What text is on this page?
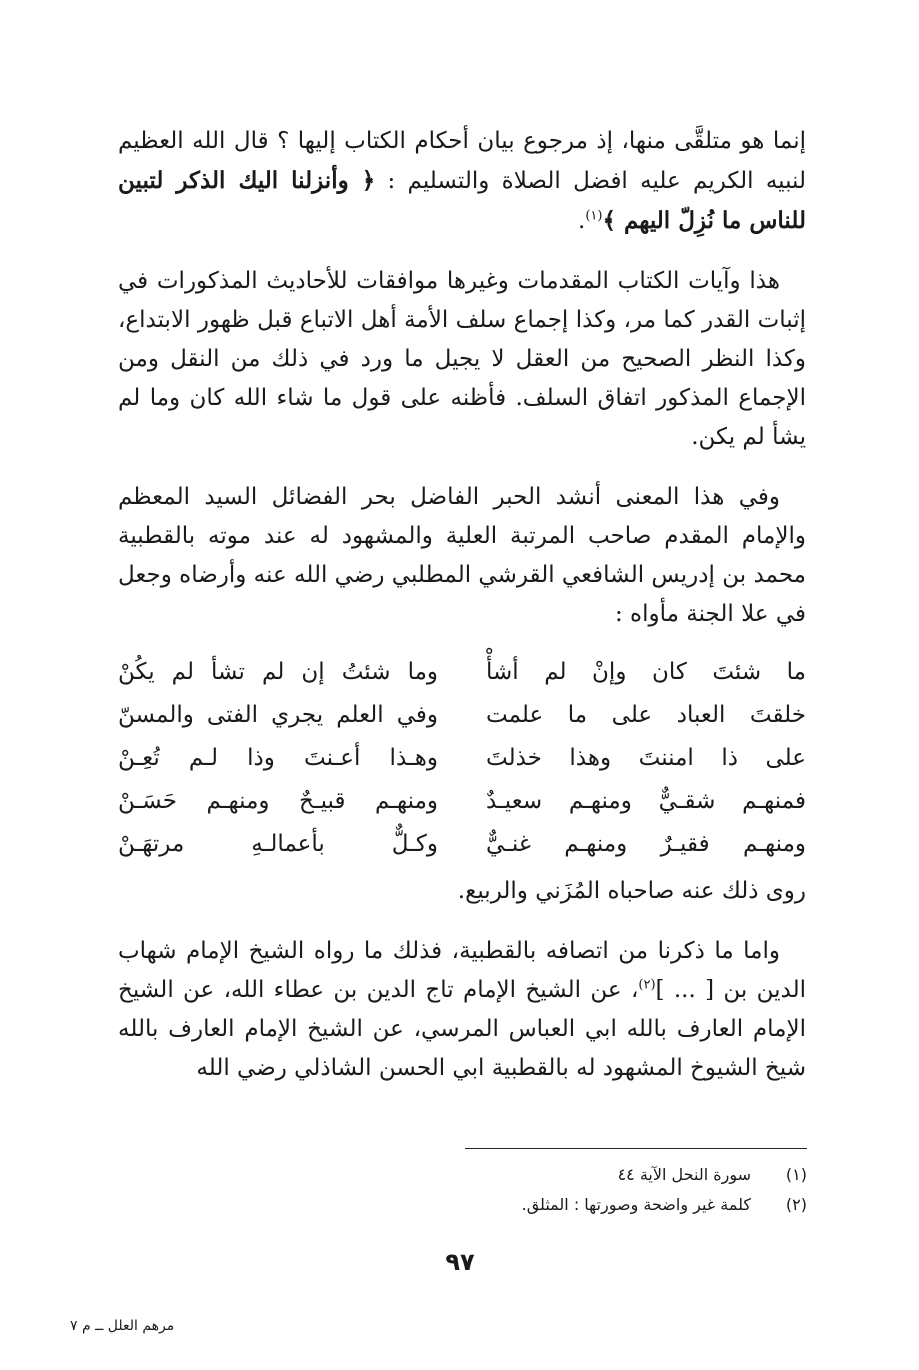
إنما هو متلقَّى منها، إذ مرجوع بيان أحكام الكتاب إليها ؟ قال الله العظيم لنبيه الكريم عليه افضل الصلاة والتسليم : ﴿ وأنزلنا اليك الذكر لتبين للناس ما نُزِلّ اليهم ﴾$^{(١)}$.

هذا وآيات الكتاب المقدمات وغيرها موافقات للأحاديث المذكورات في إثبات القدر كما مر، وكذا إجماع سلف الأمة أهل الاتباع قبل ظهور الابتداع، وكذا النظر الصحيح من العقل لا يجيل ما ورد في ذلك من النقل ومن الإجماع المذكور اتفاق السلف. فأظنه على قول ما شاء الله كان وما لم يشأ لم يكن.

وفي هذا المعنى أنشد الحبر الفاضل بحر الفضائل السيد المعظم والإمام المقدم صاحب المرتبة العلية والمشهود له عند موته بالقطبية محمد بن إدريس الشافعي القرشي المطلبي رضي الله عنه وأرضاه وجعل في علا الجنة مأواه :

ما شئتَ كان وإنْ لم أشأْ
وما شئتُ إن لم تشأ لم يكُنْ
خلقتَ العباد على ما علمت
وفي العلم يجري الفتى والمسنّ
على ذا امننتَ وهذا خذلتَ
وهـذا أعـنتَ وذا لـم تُعِـنْ
فمنهـم شقـيٌّ ومنهـم سعيـدٌ
ومنهـم قبيـحٌ ومنهـم حَسَـنْ
ومنهـم فقيـرٌ ومنهـم غنـيٌّ
وكـلٌّ بأعمالـهِ مرتهَـنْ

روى ذلك عنه صاحباه المُزَني والربيع.

واما ما ذكرنا من اتصافه بالقطبية، فذلك ما رواه الشيخ الإمام شهاب الدين بن [ ... ]$^{(٢)}$، عن الشيخ الإمام تاج الدين بن عطاء الله، عن الشيخ الإمام العارف بالله ابي العباس المرسي، عن الشيخ الإمام العارف بالله شيخ الشيوخ المشهود له بالقطبية ابي الحسن الشاذلي رضي الله

(١)
سورة النحل الآية ٤٤
(٢)
كلمة غير واضحة وصورتها : المثلق.
٩٧
مرهم العلل ــ م ٧
